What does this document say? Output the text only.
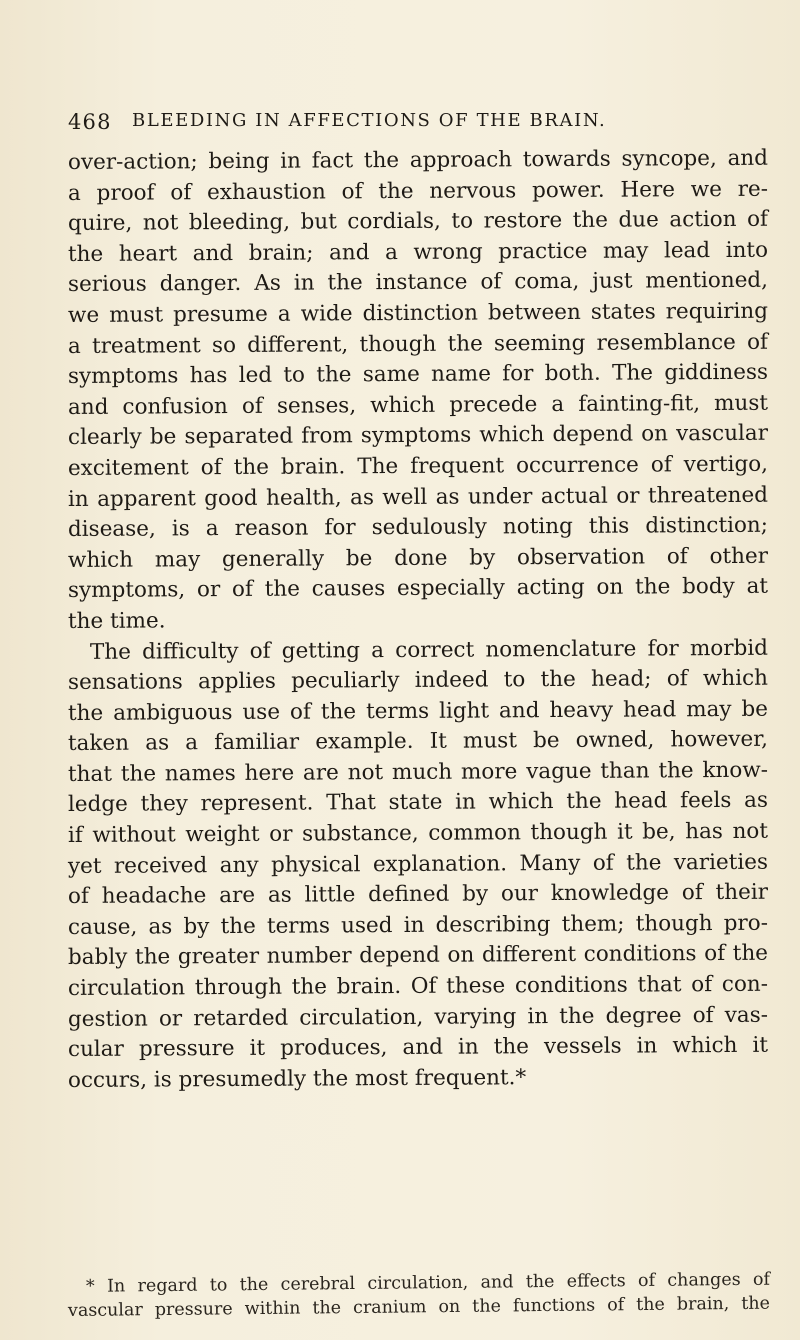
468 BLEEDING IN AFFECTIONS OF THE BRAIN.
over-action; being in fact the approach towards syncope, and
a proof of exhaustion of the nervous power. Here we re-
quire, not bleeding, but cordials, to restore the due action of
the heart and brain; and a wrong practice may lead into
serious danger. As in the instance of coma, just mentioned,
we must presume a wide distinction between states requiring
a treatment so different, though the seeming resemblance of
symptoms has led to the same name for both. The giddiness
and confusion of senses, which precede a fainting-fit, must
clearly be separated from symptoms which depend on vascular
excitement of the brain. The frequent occurrence of vertigo,
in apparent good health, as well as under actual or threatened
disease, is a reason for sedulously noting this distinction;
which may generally be done by observation of other
symptoms, or of the causes especially acting on the body at
the time.
The difficulty of getting a correct nomenclature for morbid
sensations applies peculiarly indeed to the head; of which
the ambiguous use of the terms light and heavy head may be
taken as a familiar example. It must be owned, however,
that the names here are not much more vague than the know-
ledge they represent. That state in which the head feels as
if without weight or substance, common though it be, has not
yet received any physical explanation. Many of the varieties
of headache are as little defined by our knowledge of their
cause, as by the terms used in describing them; though pro-
bably the greater number depend on different conditions of the
circulation through the brain. Of these conditions that of con-
gestion or retarded circulation, varying in the degree of vas-
cular pressure it produces, and in the vessels in which it
occurs, is presumedly the most frequent.*
* In regard to the cerebral circulation, and the effects of changes of
vascular pressure within the cranium on the functions of the brain, the
